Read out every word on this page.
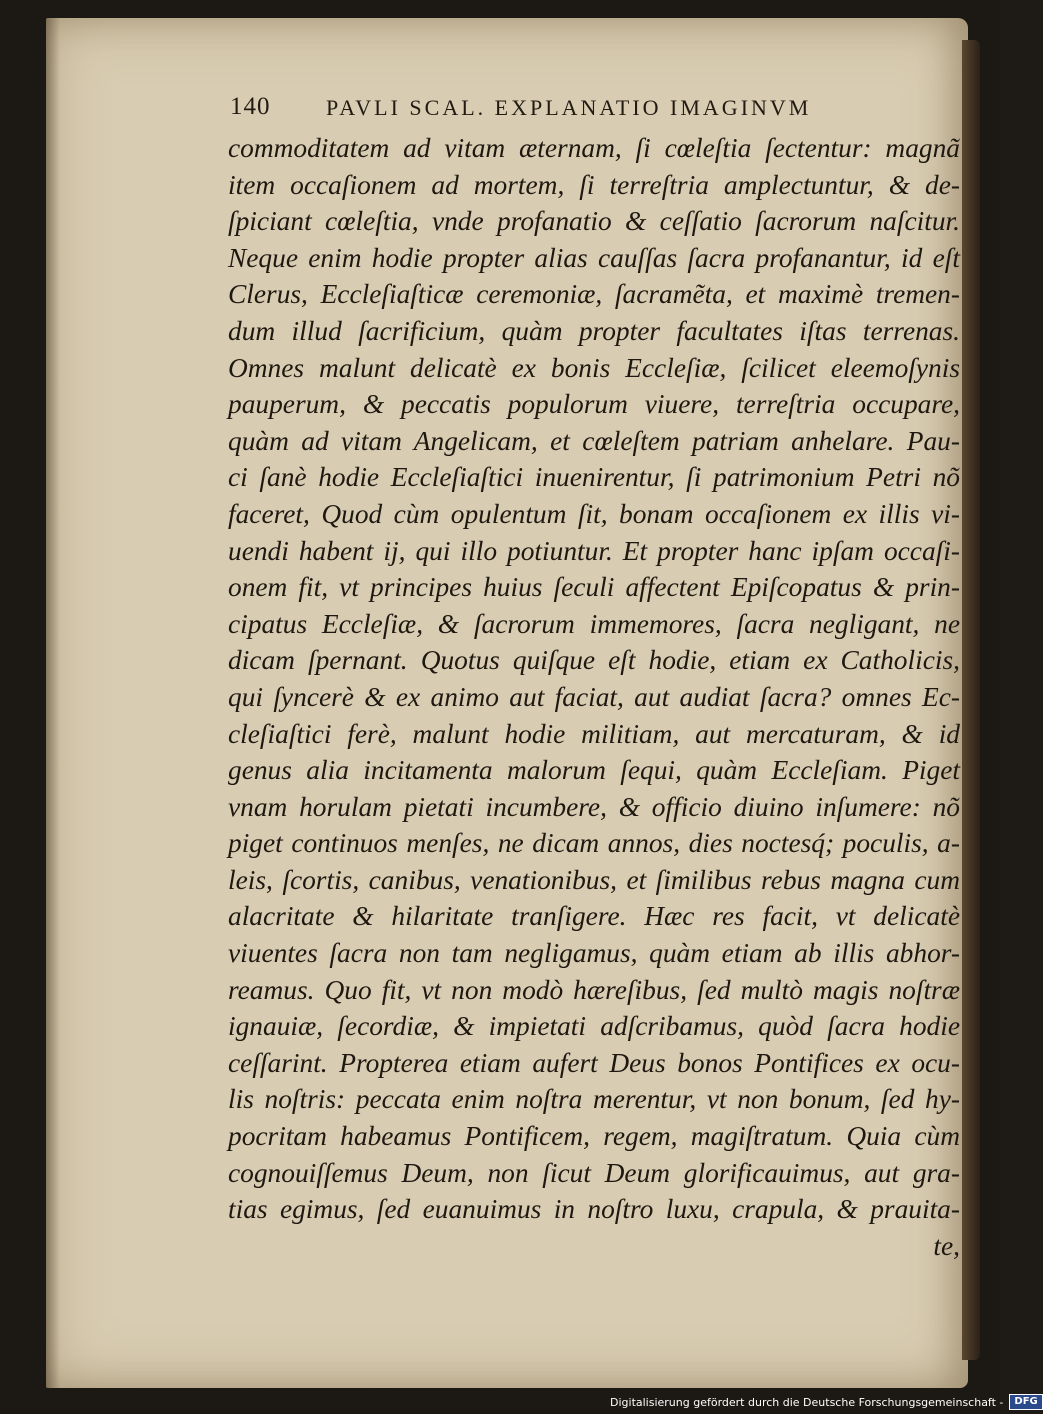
140	PAVLI SCAL. EXPLANATIO IMAGINVM
commoditatem ad vitam æternam, ſi cœleſtia ſectentur: magnã
item occaſionem ad mortem, ſi terreſtria amplectuntur, & de-
ſpiciant cœleſtia, vnde profanatio & ceſſatio ſacrorum naſcitur.
Neque enim hodie propter alias cauſſas ſacra profanantur, id eſt
Clerus, Eccleſiaſticæ ceremoniæ, ſacramẽta, et maximè tremen-
dum illud ſacrificium, quàm propter facultates iſtas terrenas.
Omnes malunt delicatè ex bonis Eccleſiæ, ſcilicet eleemoſynis
pauperum, & peccatis populorum viuere, terreſtria occupare,
quàm ad vitam Angelicam, et cœleſtem patriam anhelare. Pau-
ci ſanè hodie Eccleſiaſtici inuenirentur, ſi patrimonium Petri nõ
faceret, Quod cùm opulentum ſit, bonam occaſionem ex illis vi-
uendi habent ij, qui illo potiuntur. Et propter hanc ipſam occaſi-
onem fit, vt principes huius ſeculi affectent Epiſcopatus & prin-
cipatus Eccleſiæ, & ſacrorum immemores, ſacra negligant, ne
dicam ſpernant. Quotus quiſque eſt hodie, etiam ex Catholicis,
qui ſyncerè & ex animo aut faciat, aut audiat ſacra? omnes Ec-
cleſiaſtici ferè, malunt hodie militiam, aut mercaturam, & id
genus alia incitamenta malorum ſequi, quàm Eccleſiam. Piget
vnam horulam pietati incumbere, & officio diuino inſumere: nõ
piget continuos menſes, ne dicam annos, dies noctesq́; poculis, a-
leis, ſcortis, canibus, venationibus, et ſimilibus rebus magna cum
alacritate & hilaritate tranſigere. Hæc res facit, vt delicatè
viuentes ſacra non tam negligamus, quàm etiam ab illis abhor-
reamus. Quo fit, vt non modò hæreſibus, ſed multò magis noſtræ
ignauiæ, ſecordiæ, & impietati adſcribamus, quòd ſacra hodie
ceſſarint. Propterea etiam aufert Deus bonos Pontifices ex ocu-
lis noſtris: peccata enim noſtra merentur, vt non bonum, ſed hy-
pocritam habeamus Pontificem, regem, magiſtratum. Quia cùm
cognouiſſemus Deum, non ſicut Deum glorificauimus, aut gra-
tias egimus, ſed euanuimus in noſtro luxu, crapula, & prauita-
te,
Digitalisierung gefördert durch die Deutsche Forschungsgemeinschaft -	DFG
